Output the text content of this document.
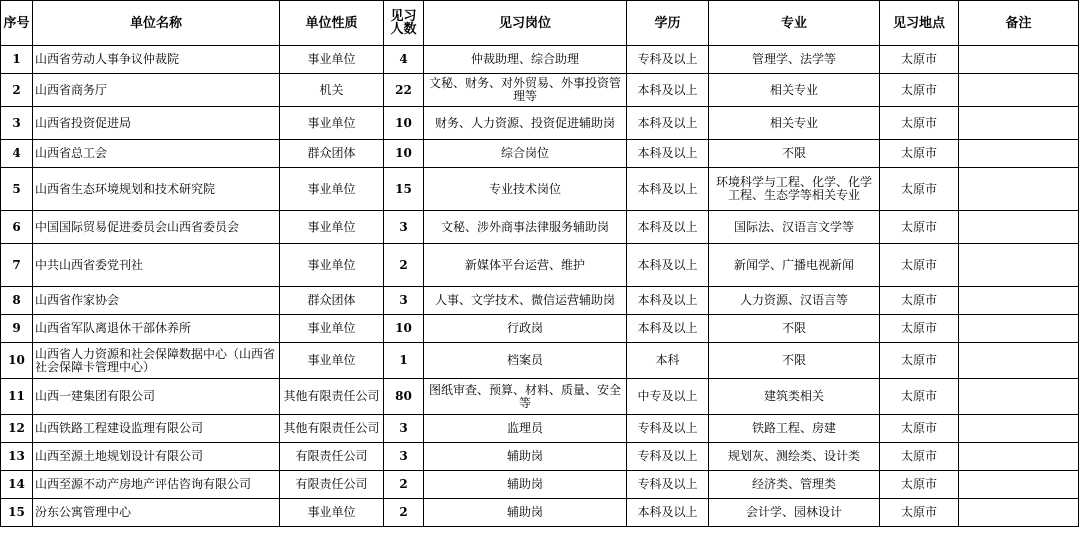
序号	单位名称	单位性质	见习人数	见习岗位	学历	专业	见习地点	备注
1	山西省劳动人事争议仲裁院	事业单位	4	仲裁助理、综合助理	专科及以上	管理学、法学等	太原市	
2	山西省商务厅	机关	22	文秘、财务、对外贸易、外事投资管理等	本科及以上	相关专业	太原市	
3	山西省投资促进局	事业单位	10	财务、人力资源、投资促进辅助岗	本科及以上	相关专业	太原市	
4	山西省总工会	群众团体	10	综合岗位	本科及以上	不限	太原市	
5	山西省生态环境规划和技术研究院	事业单位	15	专业技术岗位	本科及以上	环境科学与工程、化学、化学工程、生态学等相关专业	太原市	
6	中国国际贸易促进委员会山西省委员会	事业单位	3	文秘、涉外商事法律服务辅助岗	本科及以上	国际法、汉语言文学等	太原市	
7	中共山西省委党刊社	事业单位	2	新媒体平台运营、维护	本科及以上	新闻学、广播电视新闻	太原市	
8	山西省作家协会	群众团体	3	人事、文学技术、微信运营辅助岗	本科及以上	人力资源、汉语言等	太原市	
9	山西省军队离退休干部休养所	事业单位	10	行政岗	本科及以上	不限	太原市	
10	山西省人力资源和社会保障数据中心（山西省社会保障卡管理中心）	事业单位	1	档案员	本科	不限	太原市	
11	山西一建集团有限公司	其他有限责任公司	80	图纸审查、预算、材料、质量、安全等	中专及以上	建筑类相关	太原市	
12	山西铁路工程建设监理有限公司	其他有限责任公司	3	监理员	专科及以上	铁路工程、房建	太原市	
13	山西至源土地规划设计有限公司	有限责任公司	3	辅助岗	专科及以上	规划灰、测绘类、设计类	太原市	
14	山西至源不动产房地产评估咨询有限公司	有限责任公司	2	辅助岗	专科及以上	经济类、管理类	太原市	
15	汾东公寓管理中心	事业单位	2	辅助岗	本科及以上	会计学、园林设计	太原市	
